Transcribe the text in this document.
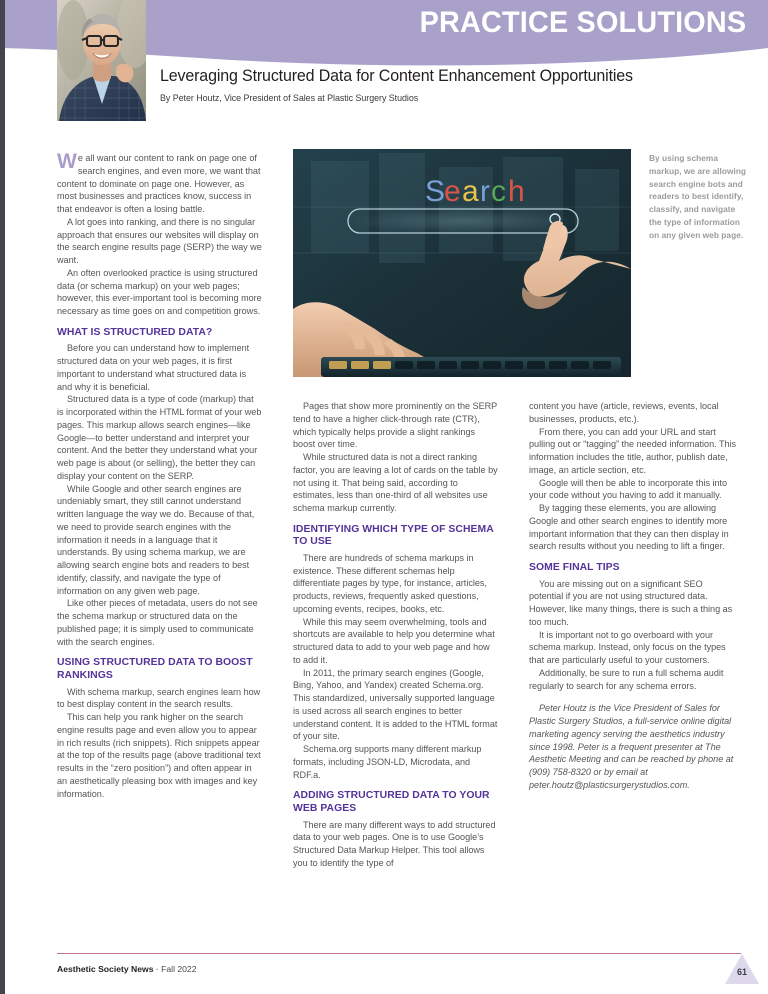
PRACTICE SOLUTIONS
Leveraging Structured Data for Content Enhancement Opportunities
By Peter Houtz, Vice President of Sales at Plastic Surgery Studios
S
e a r c h
By using schema markup, we are allowing search engine bots and readers to best identify, classify, and navigate the type of information on any given web page.

We all want our content to rank on page one of search engines, and even more, we want that content to dominate on page one. However, as most businesses and practices know, success in that endeavor is often a losing battle.

A lot goes into ranking, and there is no singular approach that ensures our websites will display on the search engine results page (SERP) the way we want.

An often overlooked practice is using structured data (or schema markup) on your web pages; however, this ever-important tool is becoming more necessary as time goes on and competition grows.

WHAT IS STRUCTURED DATA?

Before you can understand how to implement structured data on your web pages, it is first important to understand what structured data is and why it is beneficial.

Structured data is a type of code (markup) that is incorporated within the HTML format of your web pages. This markup allows search engines—like Google—to better understand and interpret your content. And the better they understand what your web page is about (or selling), the better they can display your content on the SERP.

While Google and other search engines are undeniably smart, they still cannot understand written language the way we do. Because of that, we need to provide search engines with the information it needs in a language that it understands. By using schema markup, we are allowing search engine bots and readers to best identify, classify, and navigate the type of information on any given web page.

Like other pieces of metadata, users do not see the schema markup or structured data on the published page; it is simply used to communicate with the search engines.

USING STRUCTURED DATA TO BOOST RANKINGS

With schema markup, search engines learn how to best display content in the search results.

This can help you rank higher on the search engine results page and even allow you to appear in rich results (rich snippets). Rich snippets appear at the top of the results page (above traditional text results in the “zero position”) and often appear in an aesthetically pleasing box with images and key information.

Pages that show more prominently on the SERP tend to have a higher click-through rate (CTR), which typically helps provide a slight rankings boost over time.

While structured data is not a direct ranking factor, you are leaving a lot of cards on the table by not using it. That being said, according to estimates, less than one-third of all websites use schema markup currently.

IDENTIFYING WHICH TYPE OF SCHEMA TO USE

There are hundreds of schema markups in existence. These different schemas help differentiate pages by type, for instance, articles, products, reviews, frequently asked questions, upcoming events, recipes, books, etc.

While this may seem overwhelming, tools and shortcuts are available to help you determine what structured data to add to your web page and how to add it.

In 2011, the primary search engines (Google, Bing, Yahoo, and Yandex) created Schema.org. This standardized, universally supported language is used across all search engines to better understand content. It is added to the HTML format of your site.

Schema.org supports many different markup formats, including JSON-LD, Microdata, and RDF.a.

ADDING STRUCTURED DATA TO YOUR WEB PAGES

There are many different ways to add structured data to your web pages. One is to use Google’s Structured Data Markup Helper. This tool allows you to identify the type of

content you have (article, reviews, events, local businesses, products, etc.).

From there, you can add your URL and start pulling out or “tagging” the needed information. This information includes the title, author, publish date, image, an article section, etc.

Google will then be able to incorporate this into your code without you having to add it manually.

By tagging these elements, you are allowing Google and other search engines to identify more important information that they can then display in search results without you needing to lift a finger.

SOME FINAL TIPS

You are missing out on a significant SEO potential if you are not using structured data. However, like many things, there is such a thing as too much.

It is important not to go overboard with your schema markup. Instead, only focus on the types that are particularly useful to your customers.

Additionally, be sure to run a full schema audit regularly to search for any schema errors.

Peter Houtz is the Vice President of Sales for Plastic Surgery Studios, a full-service online digital marketing agency serving the aesthetics industry since 1998. Peter is a frequent presenter at The Aesthetic Meeting and can be reached by phone at (909) 758-8320 or by email at peter.houtz@plasticsurgerystudios.com.

Aesthetic Society News · Fall 2022	61
